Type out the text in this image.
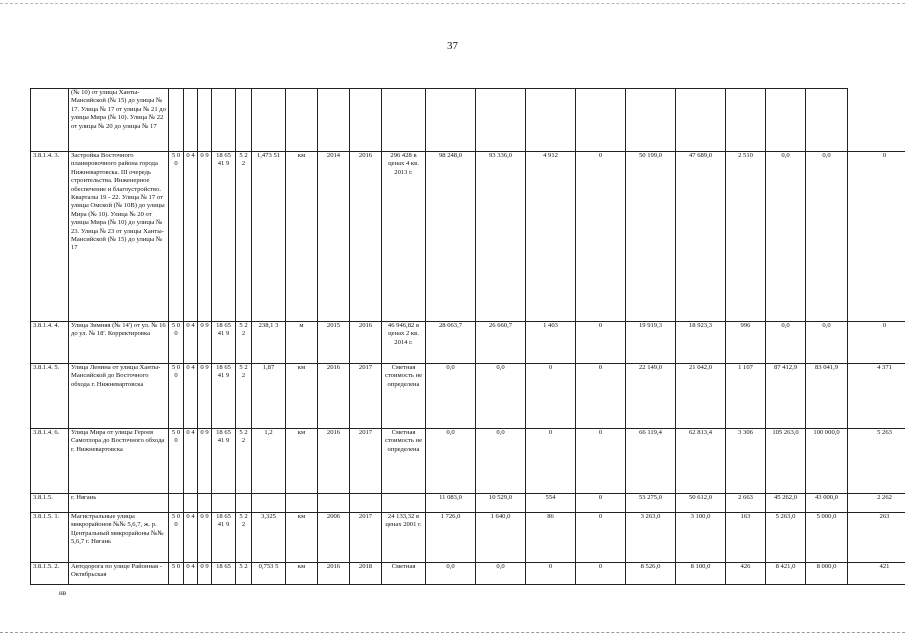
37
	(№ 10) от улицы Ханты-Мансийской (№ 15) до улицы № 17. Улица № 17 от улицы № 21 до улицы Мира (№ 10). Улица № 22 от улицы № 20 до улицы № 17																				
3.8.1.4. 3.	Застройка Восточного планировочного района города Нижневартовска. III очередь строительства. Инженерное обеспечение и благоустройство. Кварталы 19 - 22. Улица № 17 от улицы Омской (№ 10В) до улицы Мира (№ 10). Улица № 20 от улицы Мира (№ 10) до улицы № 23. Улица № 23 от улицы Ханты-Мансийской (№ 15) до улицы № 17	5 0 0	0 4	0 9	18 65 41 9	5 2 2	1,473 51	км	2014	2016	296 428 в ценах 4 кв. 2013 г.	98 248,0	93 336,0	4 912	0	50 199,0	47 689,0	2 510	0,0	0,0	0
3.8.1.4. 4.	Улица Зимняя (№ 14') от ул. № 16 до ул. № 18'. Корректировка	5 0 0	0 4	0 9	18 65 41 9	5 2 2	238,1 3	м	2015	2016	46 946,82 в ценах 2 кв. 2014 г.	28 063,7	26 660,7	1 403	0	19 919,3	18 923,3	996	0,0	0,0	0
3.8.1.4. 5.	Улица Ленина от улицы Ханты-Мансийской до Восточного обхода г. Нижневартовска	5 0 0	0 4	0 9	18 65 41 9	5 2 2	1,87	км	2016	2017	Сметная стоимость не определена	0,0	0,0	0	0	22 149,0	21 042,0	1 107	87 412,9	83 041,9	4 371
3.8.1.4. 6.	Улица Мира от улицы Героев Самотлора до Восточного обхода г. Нижневартовска	5 0 0	0 4	0 9	18 65 41 9	5 2 2	1,2	км	2016	2017	Сметная стоимость не определена	0,0	0,0	0	0	66 119,4	62 813,4	3 306	105 263,0	100 000,0	5 263
3.8.1.5.	г. Нягань											11 083,0	10 529,0	554	0	53 275,0	50 612,0	2 663	45 262,0	43 000,0	2 262
3.8.1.5. 1.	Магистральные улицы микрорайонов №№ 5,6,7, ж. р. Центральный микрорайоны №№ 5,6,7 г. Нягань	5 0 0	0 4	0 9	18 65 41 9	5 2 2	3,325	км	2006	2017	24 133,32 в ценах 2001 г.	1 726,0	1 640,0	86	0	3 263,0	3 100,0	163	5 263,0	5 000,0	263
3.8.1.5. 2.	Автодорога по улице Районная - Октябрьская	5 0	0 4	0 9	18 65	5 2	0,753 5	км	2016	2018	Сметная	0,0	0,0	0	0	8 526,0	8 100,0	426	8 421,0	8 000,0	421
нв
